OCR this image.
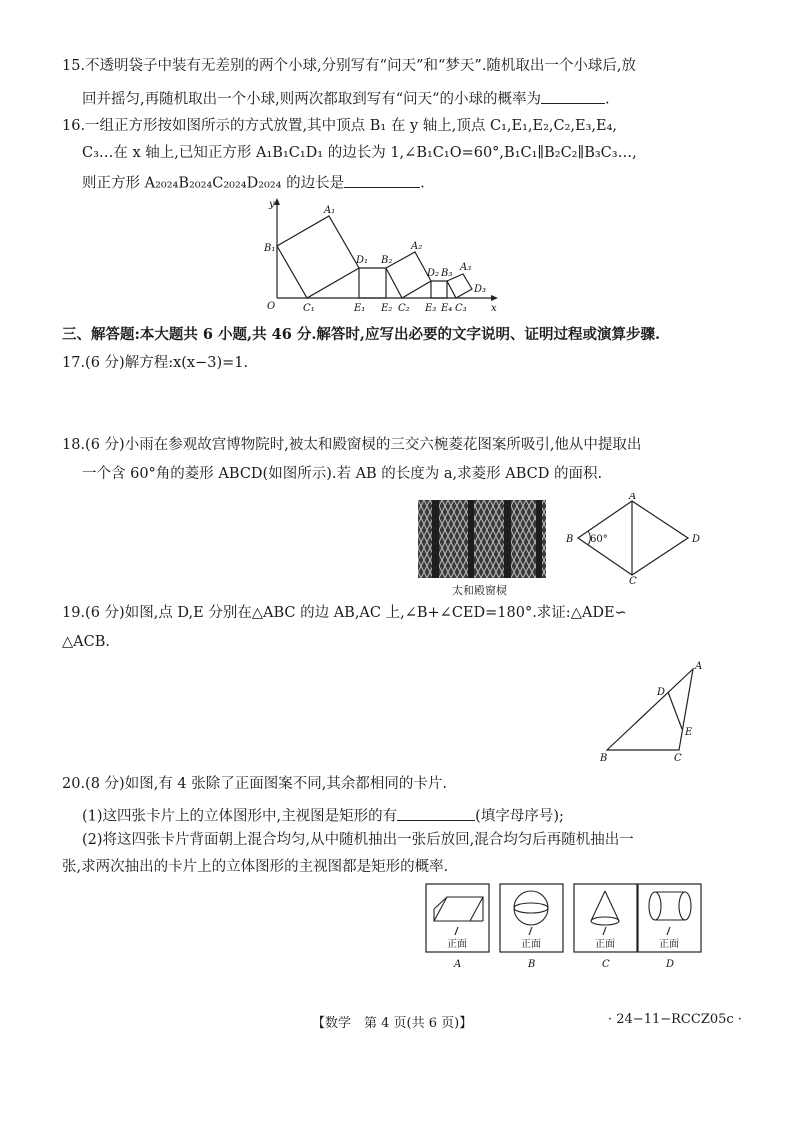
15.不透明袋子中装有无差别的两个小球,分别写有“问天”和“梦天”.随机取出一个小球后,放
回并摇匀,再随机取出一个小球,则两次都取到写有“问天”的小球的概率为	.
16.一组正方形按如图所示的方式放置,其中顶点 B₁ 在 y 轴上,顶点 C₁,E₁,E₂,C₂,E₃,E₄,
C₃…在 x 轴上,已知正方形 A₁B₁C₁D₁ 的边长为 1,∠B₁C₁O=60°,B₁C₁∥B₂C₂∥B₃C₃…,
则正方形 A₂₀₂₄B₂₀₂₄C₂₀₂₄D₂₀₂₄ 的边长是	.
y
x
O
B₁
A₁
C₁
D₁
E₁
B₂
E₂ C₂
A₂
D₂ B₃
E₃ E₄ C₃
A₃
D₃
三、解答题:本大题共 6 小题,共 46 分.解答时,应写出必要的文字说明、证明过程或演算步骤.
17.(6 分)解方程:x(x−3)=1.
18.(6 分)小雨在参观故宫博物院时,被太和殿窗棂的三交六椀菱花图案所吸引,他从中提取出
一个含 60°角的菱形 ABCD(如图所示).若 AB 的长度为 a,求菱形 ABCD 的面积.
太和殿窗棂
A
B
C
D
60°
19.(6 分)如图,点 D,E 分别在△ABC 的边 AB,AC 上,∠B+∠CED=180°.求证:△ADE∽
△ACB.
A
B	C
D
E
20.(8 分)如图,有 4 张除了正面图案不同,其余都相同的卡片.
(1)这四张卡片上的立体图形中,主视图是矩形的有	(填字母序号);
(2)将这四张卡片背面朝上混合均匀,从中随机抽出一张后放回,混合均匀后再随机抽出一
张,求两次抽出的卡片上的立体图形的主视图都是矩形的概率.
正面	正面	正面	正面
A	B	C	D
【数学　第 4 页(共 6 页)】	· 24−11−RCCZ05c ·
